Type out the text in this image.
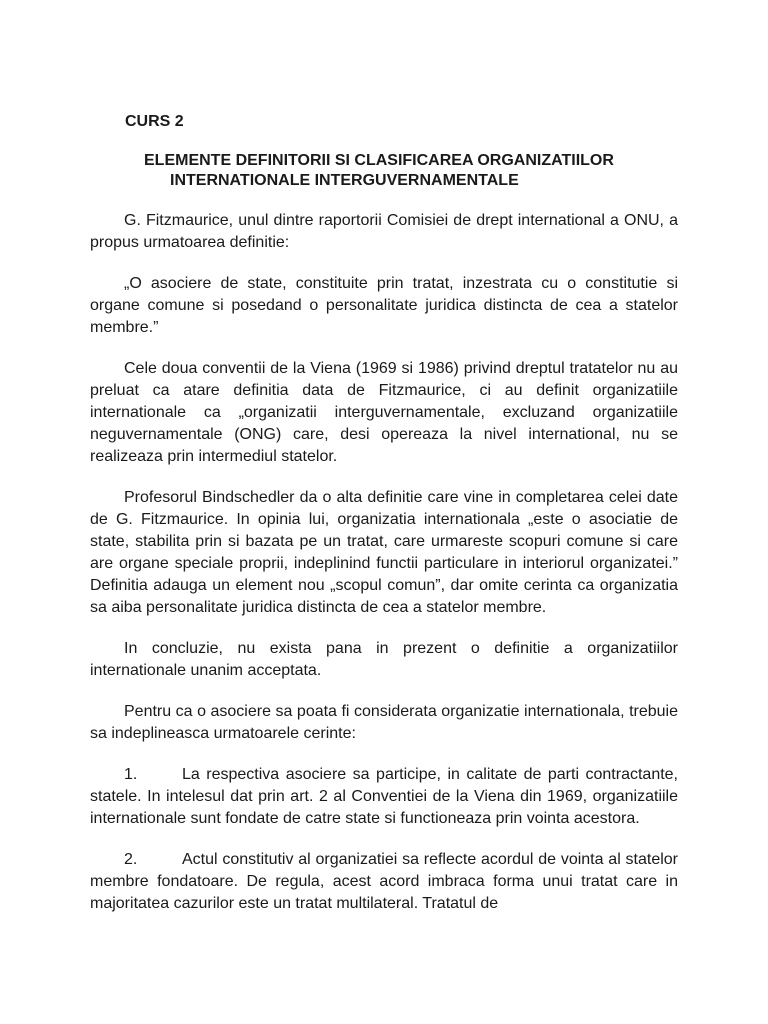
CURS 2

ELEMENTE DEFINITORII SI CLASIFICAREA ORGANIZATIILOR
INTERNATIONALE INTERGUVERNAMENTALE

G. Fitzmaurice, unul dintre raportorii Comisiei de drept international a ONU, a propus urmatoarea definitie:

„O asociere de state, constituite prin tratat, inzestrata cu o constitutie si organe comune si posedand o personalitate juridica distincta de cea a statelor membre.”

Cele doua conventii de la Viena (1969 si 1986) privind dreptul tratatelor nu au preluat ca atare definitia data de Fitzmaurice, ci au definit organizatiile internationale ca „organizatii interguvernamentale, excluzand organizatiile neguvernamentale (ONG) care, desi opereaza la nivel international, nu se realizeaza prin intermediul statelor.

Profesorul Bindschedler da o alta definitie care vine in completarea celei date de G. Fitzmaurice. In opinia lui, organizatia internationala „este o asociatie de state, stabilita prin si bazata pe un tratat, care urmareste scopuri comune si care are organe speciale proprii, indeplinind functii particulare in interiorul organizatei.” Definitia adauga un element nou „scopul comun”, dar omite cerinta ca organizatia sa aiba personalitate juridica distincta de cea a statelor membre.

In concluzie, nu exista pana in prezent o definitie a organizatiilor internationale unanim acceptata.

Pentru ca o asociere sa poata fi considerata organizatie internationala, trebuie sa indeplineasca urmatoarele cerinte:

1.	La respectiva asociere sa participe, in calitate de parti contractante, statele. In intelesul dat prin art. 2 al Conventiei de la Viena din 1969, organizatiile internationale sunt fondate de catre state si functioneaza prin vointa acestora.

2.	Actul constitutiv al organizatiei sa reflecte acordul de vointa al statelor membre fondatoare. De regula, acest acord imbraca forma unui tratat care in majoritatea cazurilor este un tratat multilateral. Tratatul de
